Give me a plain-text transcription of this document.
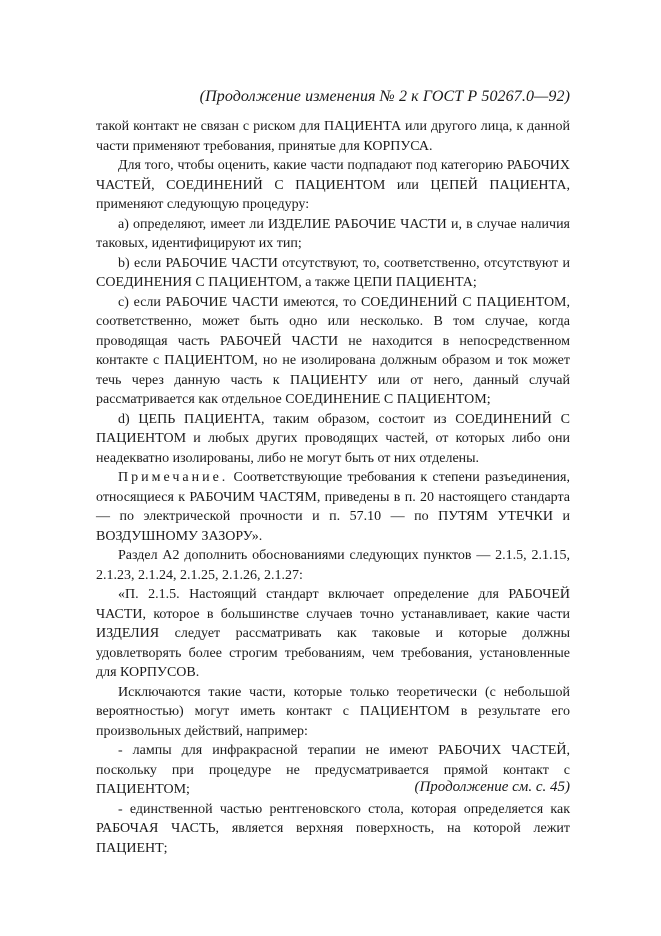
(Продолжение изменения № 2 к ГОСТ Р 50267.0—92)

такой контакт не связан с риском для ПАЦИЕНТА или другого лица, к данной части применяют требования, принятые для КОРПУСА.

Для того, чтобы оценить, какие части подпадают под категорию РАБОЧИХ ЧАСТЕЙ, СОЕДИНЕНИЙ С ПАЦИЕНТОМ или ЦЕПЕЙ ПАЦИЕНТА, применяют следующую процедуру:

а) определяют, имеет ли ИЗДЕЛИЕ РАБОЧИЕ ЧАСТИ и, в случае наличия таковых, идентифицируют их тип;

b) если РАБОЧИЕ ЧАСТИ отсутствуют, то, соответственно, отсутствуют и СОЕДИНЕНИЯ С ПАЦИЕНТОМ, а также ЦЕПИ ПАЦИЕНТА;

с) если РАБОЧИЕ ЧАСТИ имеются, то СОЕДИНЕНИЙ С ПАЦИЕНТОМ, соответственно, может быть одно или несколько. В том случае, когда проводящая часть РАБОЧЕЙ ЧАСТИ не находится в непосредственном контакте с ПАЦИЕНТОМ, но не изолирована должным образом и ток может течь через данную часть к ПАЦИЕНТУ или от него, данный случай рассматривается как отдельное СОЕДИНЕНИЕ С ПАЦИЕНТОМ;

d) ЦЕПЬ ПАЦИЕНТА, таким образом, состоит из СОЕДИНЕНИЙ С ПАЦИЕНТОМ и любых других проводящих частей, от которых либо они неадекватно изолированы, либо не могут быть от них отделены.

Примечание. Соответствующие требования к степени разъединения, относящиеся к РАБОЧИМ ЧАСТЯМ, приведены в п. 20 настоящего стандарта — по электрической прочности и п. 57.10 — по ПУТЯМ УТЕЧКИ и ВОЗДУШНОМУ ЗАЗОРУ».

Раздел А2 дополнить обоснованиями следующих пунктов — 2.1.5, 2.1.15, 2.1.23, 2.1.24, 2.1.25, 2.1.26, 2.1.27:

«П. 2.1.5. Настоящий стандарт включает определение для РАБОЧЕЙ ЧАСТИ, которое в большинстве случаев точно устанавливает, какие части ИЗДЕЛИЯ следует рассматривать как таковые и которые должны удовлетворять более строгим требованиям, чем требования, установленные для КОРПУСОВ.

Исключаются такие части, которые только теоретически (с небольшой вероятностью) могут иметь контакт с ПАЦИЕНТОМ в результате его произвольных действий, например:

- лампы для инфракрасной терапии не имеют РАБОЧИХ ЧАСТЕЙ, поскольку при процедуре не предусматривается прямой контакт с ПАЦИЕНТОМ;

- единственной частью рентгеновского стола, которая определяется как РАБОЧАЯ ЧАСТЬ, является верхняя поверхность, на которой лежит ПАЦИЕНТ;

(Продолжение см. с. 45)
